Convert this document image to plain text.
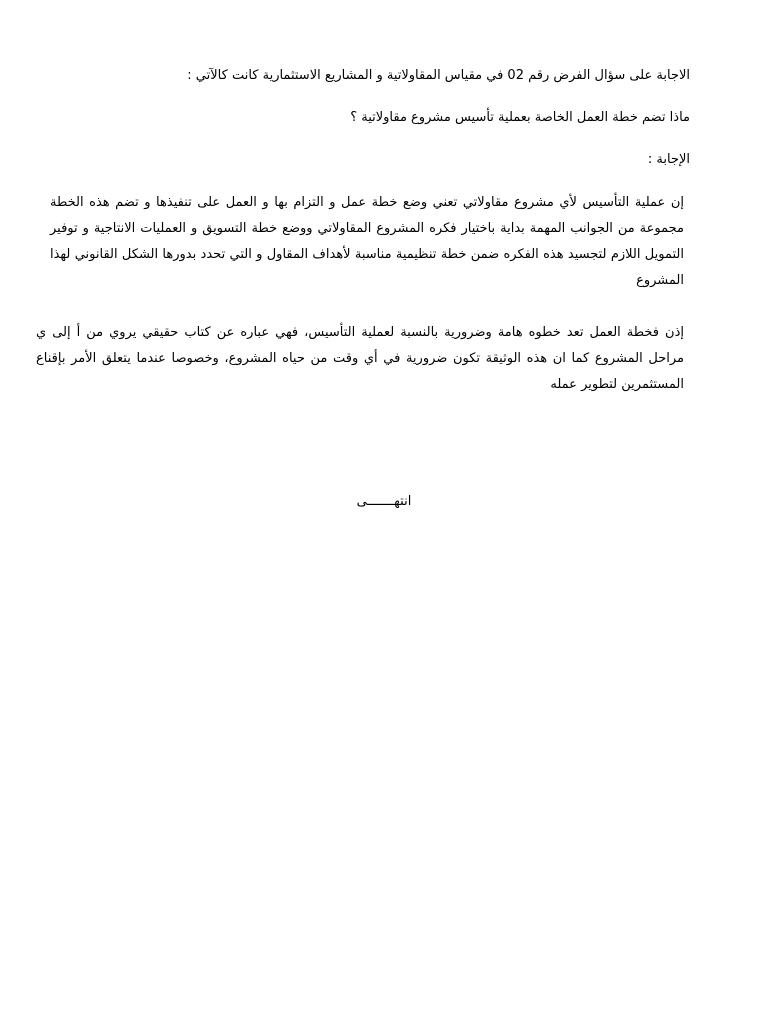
الاجابة على سؤال الفرض رقم 02 في مقياس المقاولاتية و المشاريع الاستثمارية كانت كالآتي :

ماذا تضم خطة العمل الخاصة بعملية تأسيس مشروع مقاولاتية ؟

الإجابة :

إن عملية التأسيس لأي مشروع مقاولاتي تعني وضع خطة عمل و التزام بها و العمل على تنفيذها و تضم هذه الخطة مجموعة من الجوانب المهمة بداية باختيار فكره المشروع المقاولاتي ووضع خطة التسويق و العمليات الانتاجية و توفير التمويل اللازم لتجسيد هذه الفكره ضمن خطة تنظيمية مناسبة لأهداف المقاول و التي تحدد بدورها الشكل القانوني لهذا المشروع

إذن فخطة العمل تعد خطوه هامة وضرورية بالنسبة لعملية التأسيس، فهي عباره عن كتاب حقيقي يروي من أ إلى ي مراحل المشروع كما ان هذه الوثيقة تكون ضرورية في أي وقت من حياه المشروع، وخصوصا عندما يتعلق الأمر بإقناع المستثمرين لتطوير عمله

انتهـــــــى
